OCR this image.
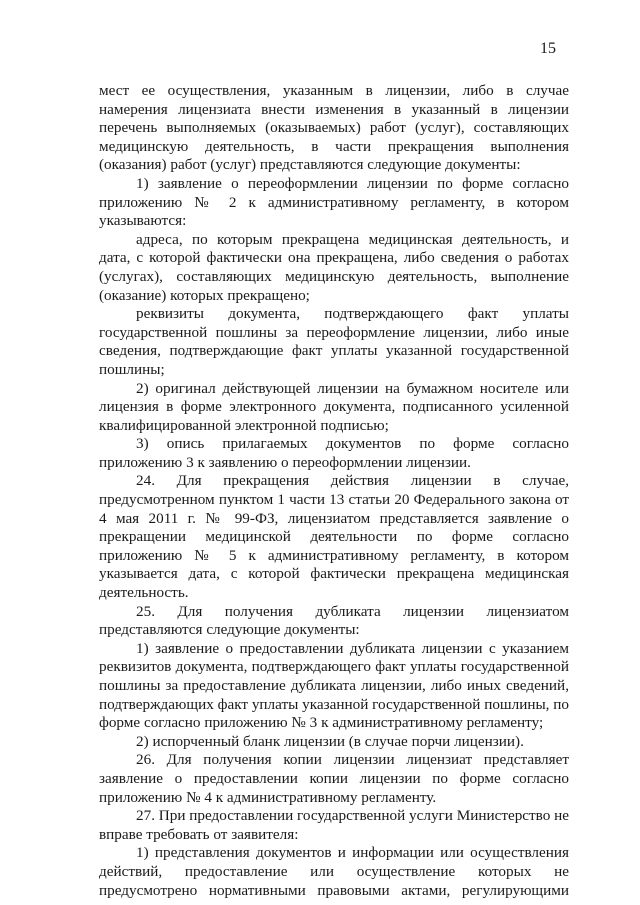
15

мест ее осуществления, указанным в лицензии, либо в случае намерения лицензиата внести изменения в указанный в лицензии перечень выполняемых (оказываемых) работ (услуг), составляющих медицинскую деятельность, в части прекращения выполнения (оказания) работ (услуг) представляются следующие документы:

1) заявление о переоформлении лицензии по форме согласно приложению № 2 к административному регламенту, в котором указываются:

адреса, по которым прекращена медицинская деятельность, и дата, с которой фактически она прекращена, либо сведения о работах (услугах), составляющих медицинскую деятельность, выполнение (оказание) которых прекращено;

реквизиты документа, подтверждающего факт уплаты государственной пошлины за переоформление лицензии, либо иные сведения, подтверждающие факт уплаты указанной государственной пошлины;

2) оригинал действующей лицензии на бумажном носителе или лицензия в форме электронного документа, подписанного усиленной квалифицированной электронной подписью;

3) опись прилагаемых документов по форме согласно приложению 3 к заявлению о переоформлении лицензии.

24. Для прекращения действия лицензии в случае, предусмотренном пунктом 1 части 13 статьи 20 Федерального закона от 4 мая 2011 г. № 99-ФЗ, лицензиатом представляется заявление о прекращении медицинской деятельности по форме согласно приложению № 5 к административному регламенту, в котором указывается дата, с которой фактически прекращена медицинская деятельность.

25. Для получения дубликата лицензии лицензиатом представляются следующие документы:

1) заявление о предоставлении дубликата лицензии с указанием реквизитов документа, подтверждающего факт уплаты государственной пошлины за предоставление дубликата лицензии, либо иных сведений, подтверждающих факт уплаты указанной государственной пошлины, по форме согласно приложению № 3 к административному регламенту;

2) испорченный бланк лицензии (в случае порчи лицензии).

26. Для получения копии лицензии лицензиат представляет заявление о предоставлении копии лицензии по форме согласно приложению № 4 к административному регламенту.

27. При предоставлении государственной услуги Министерство не вправе требовать от заявителя:

1) представления документов и информации или осуществления действий, предоставление или осуществление которых не предусмотрено нормативными правовыми актами, регулирующими
